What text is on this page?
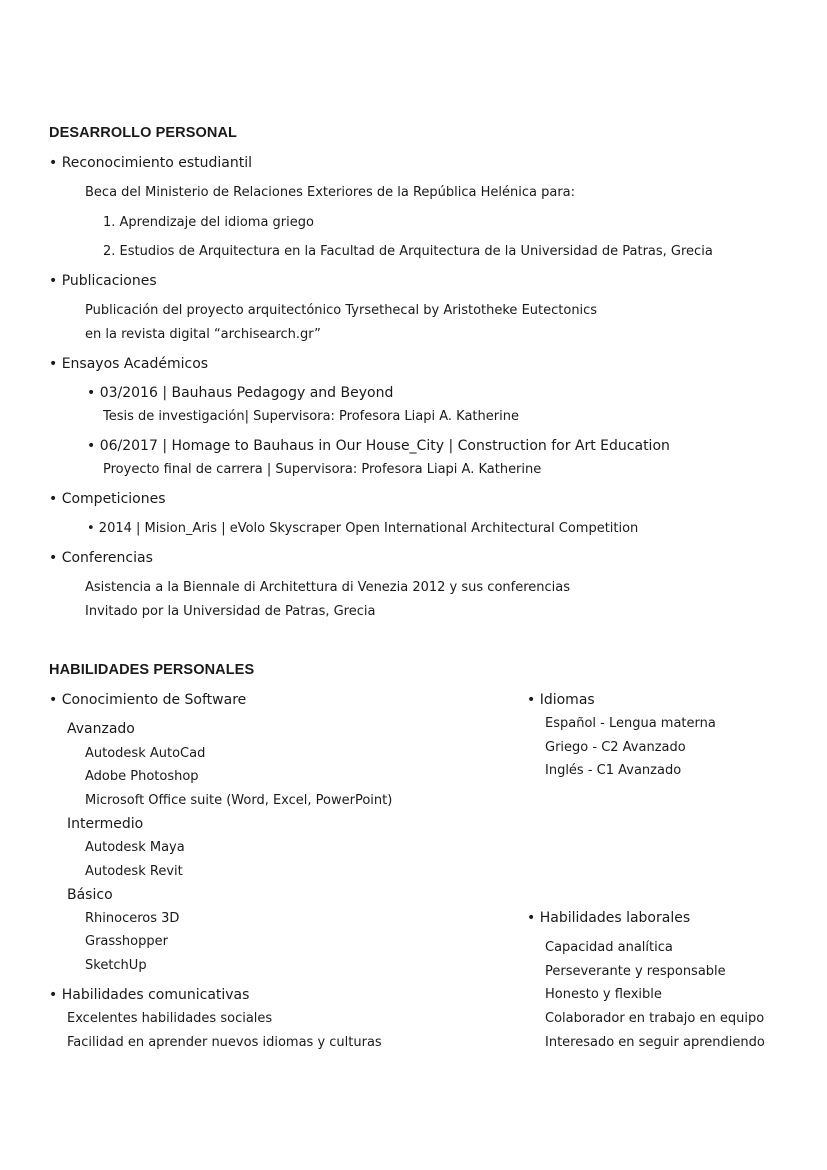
DESARROLLO PERSONAL
• Reconocimiento estudiantil
Beca del Ministerio de Relaciones Exteriores de la República Helénica para:
1. Aprendizaje del idioma griego
2. Estudios de Arquitectura en la Facultad de Arquitectura de la Universidad de Patras, Grecia
• Publicaciones
Publicación del proyecto arquitectónico Tyrsethecal by Aristotheke Eutectonics
en la revista digital “archisearch.gr”
• Ensayos Académicos
• 03/2016 | Bauhaus Pedagogy and Beyond
Tesis de investigación| Supervisora: Profesora Liapi A. Katherine
• 06/2017 | Homage to Bauhaus in Our House_City | Construction for Art Education
Proyecto final de carrera | Supervisora: Profesora Liapi A. Katherine
• Competiciones
• 2014 | Mision_Aris | eVolo Skyscraper Open International Architectural Competition
• Conferencias
Asistencia a la Biennale di Architettura di Venezia 2012 y sus conferencias
Invitado por la Universidad de Patras, Grecia
HABILIDADES PERSONALES
• Conocimiento de Software
Avanzado
Autodesk AutoCad
Adobe Photoshop
Microsoft Office suite (Word, Excel, PowerPoint)
Intermedio
Autodesk Maya
Autodesk Revit
Básico
Rhinoceros 3D
Grasshopper
SketchUp
• Habilidades comunicativas
Excelentes habilidades sociales
Facilidad en aprender nuevos idiomas y culturas
• Idiomas
Español - Lengua materna
Griego - C2 Avanzado
Inglés - C1 Avanzado
• Habilidades laborales
Capacidad analítica
Perseverante y responsable
Honesto y flexible
Colaborador en trabajo en equipo
Interesado en seguir aprendiendo
